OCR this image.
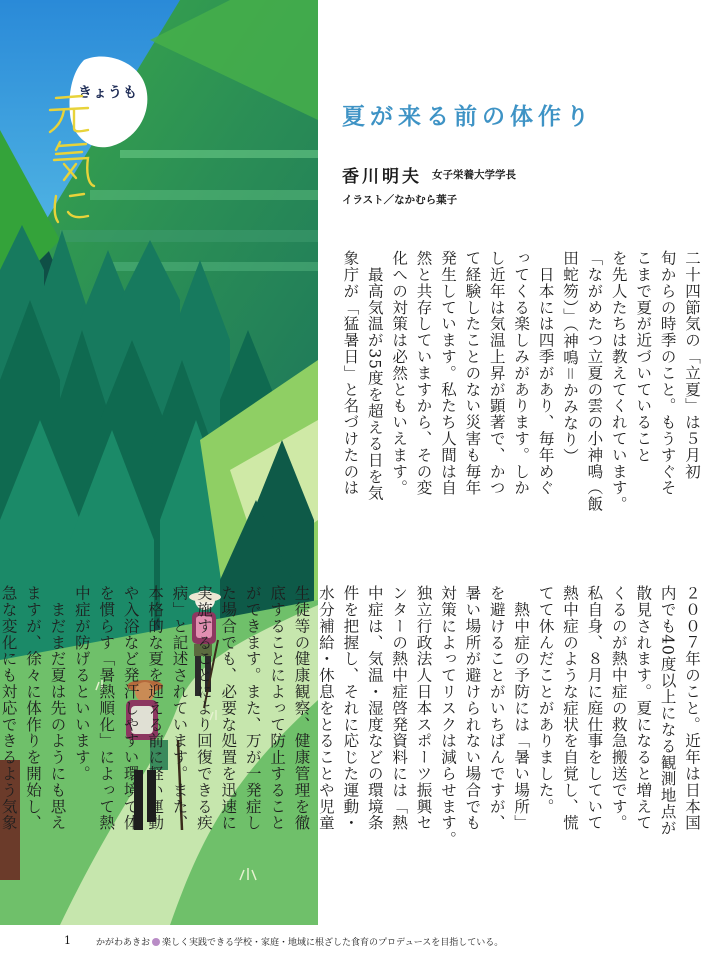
きょうも
夏が来る前の体作り
香川明夫 女子栄養大学学長
イラスト／なかむら葉子
二十四節気の「立夏」は５月初
旬からの時季のこと。もうすぐそ
こまで夏が近づいていること
を先人たちは教えてくれています。
「ながめたつ立夏の雲の小神鳴（飯
田蛇笏）」（神鳴＝かみなり）
　日本には四季があり、毎年めぐ
ってくる楽しみがあります。しか
し近年は気温上昇が顕著で、かつ
て経験したことのない災害も毎年
発生しています。私たち人間は自
然と共存していますから、その変
化への対策は必然ともいえます。
　最高気温が35度を超える日を気
象庁が「猛暑日」と名づけたのは
２００７年のこと。近年は日本国
内でも40度以上になる観測地点が
散見されます。夏になると増えて
くるのが熱中症の救急搬送です。
私自身、８月に庭仕事をしていて
熱中症のような症状を自覚し、慌
てて休んだことがありました。
　熱中症の予防には「暑い場所」
を避けることがいちばんですが、
暑い場所が避けられない場合でも
対策によってリスクは減らせます。
独立行政法人日本スポーツ振興セ
ンターの熱中症啓発資料には「熱
中症は、気温・湿度などの環境条
件を把握し、それに応じた運動・
水分補給・休息をとることや児童
生徒等の健康観察、健康管理を徹
底することによって防止すること
ができます。また、万が一発症し
た場合でも、必要な処置を迅速に
実施することにより回復できる疾
病」と記述されています。また、
本格的な夏を迎える前に軽い運動
や入浴など発汗しやすい環境で体
を慣らす「暑熱順化」によって熱
中症が防げるといいます。
　まだまだ夏は先のようにも思え
ますが、徐々に体作りを開始し、
急な変化にも対応できるよう気象

1	かがわあきお 楽しく実践できる学校・家庭・地域に根ざした食育のプロデュースを目指している。
